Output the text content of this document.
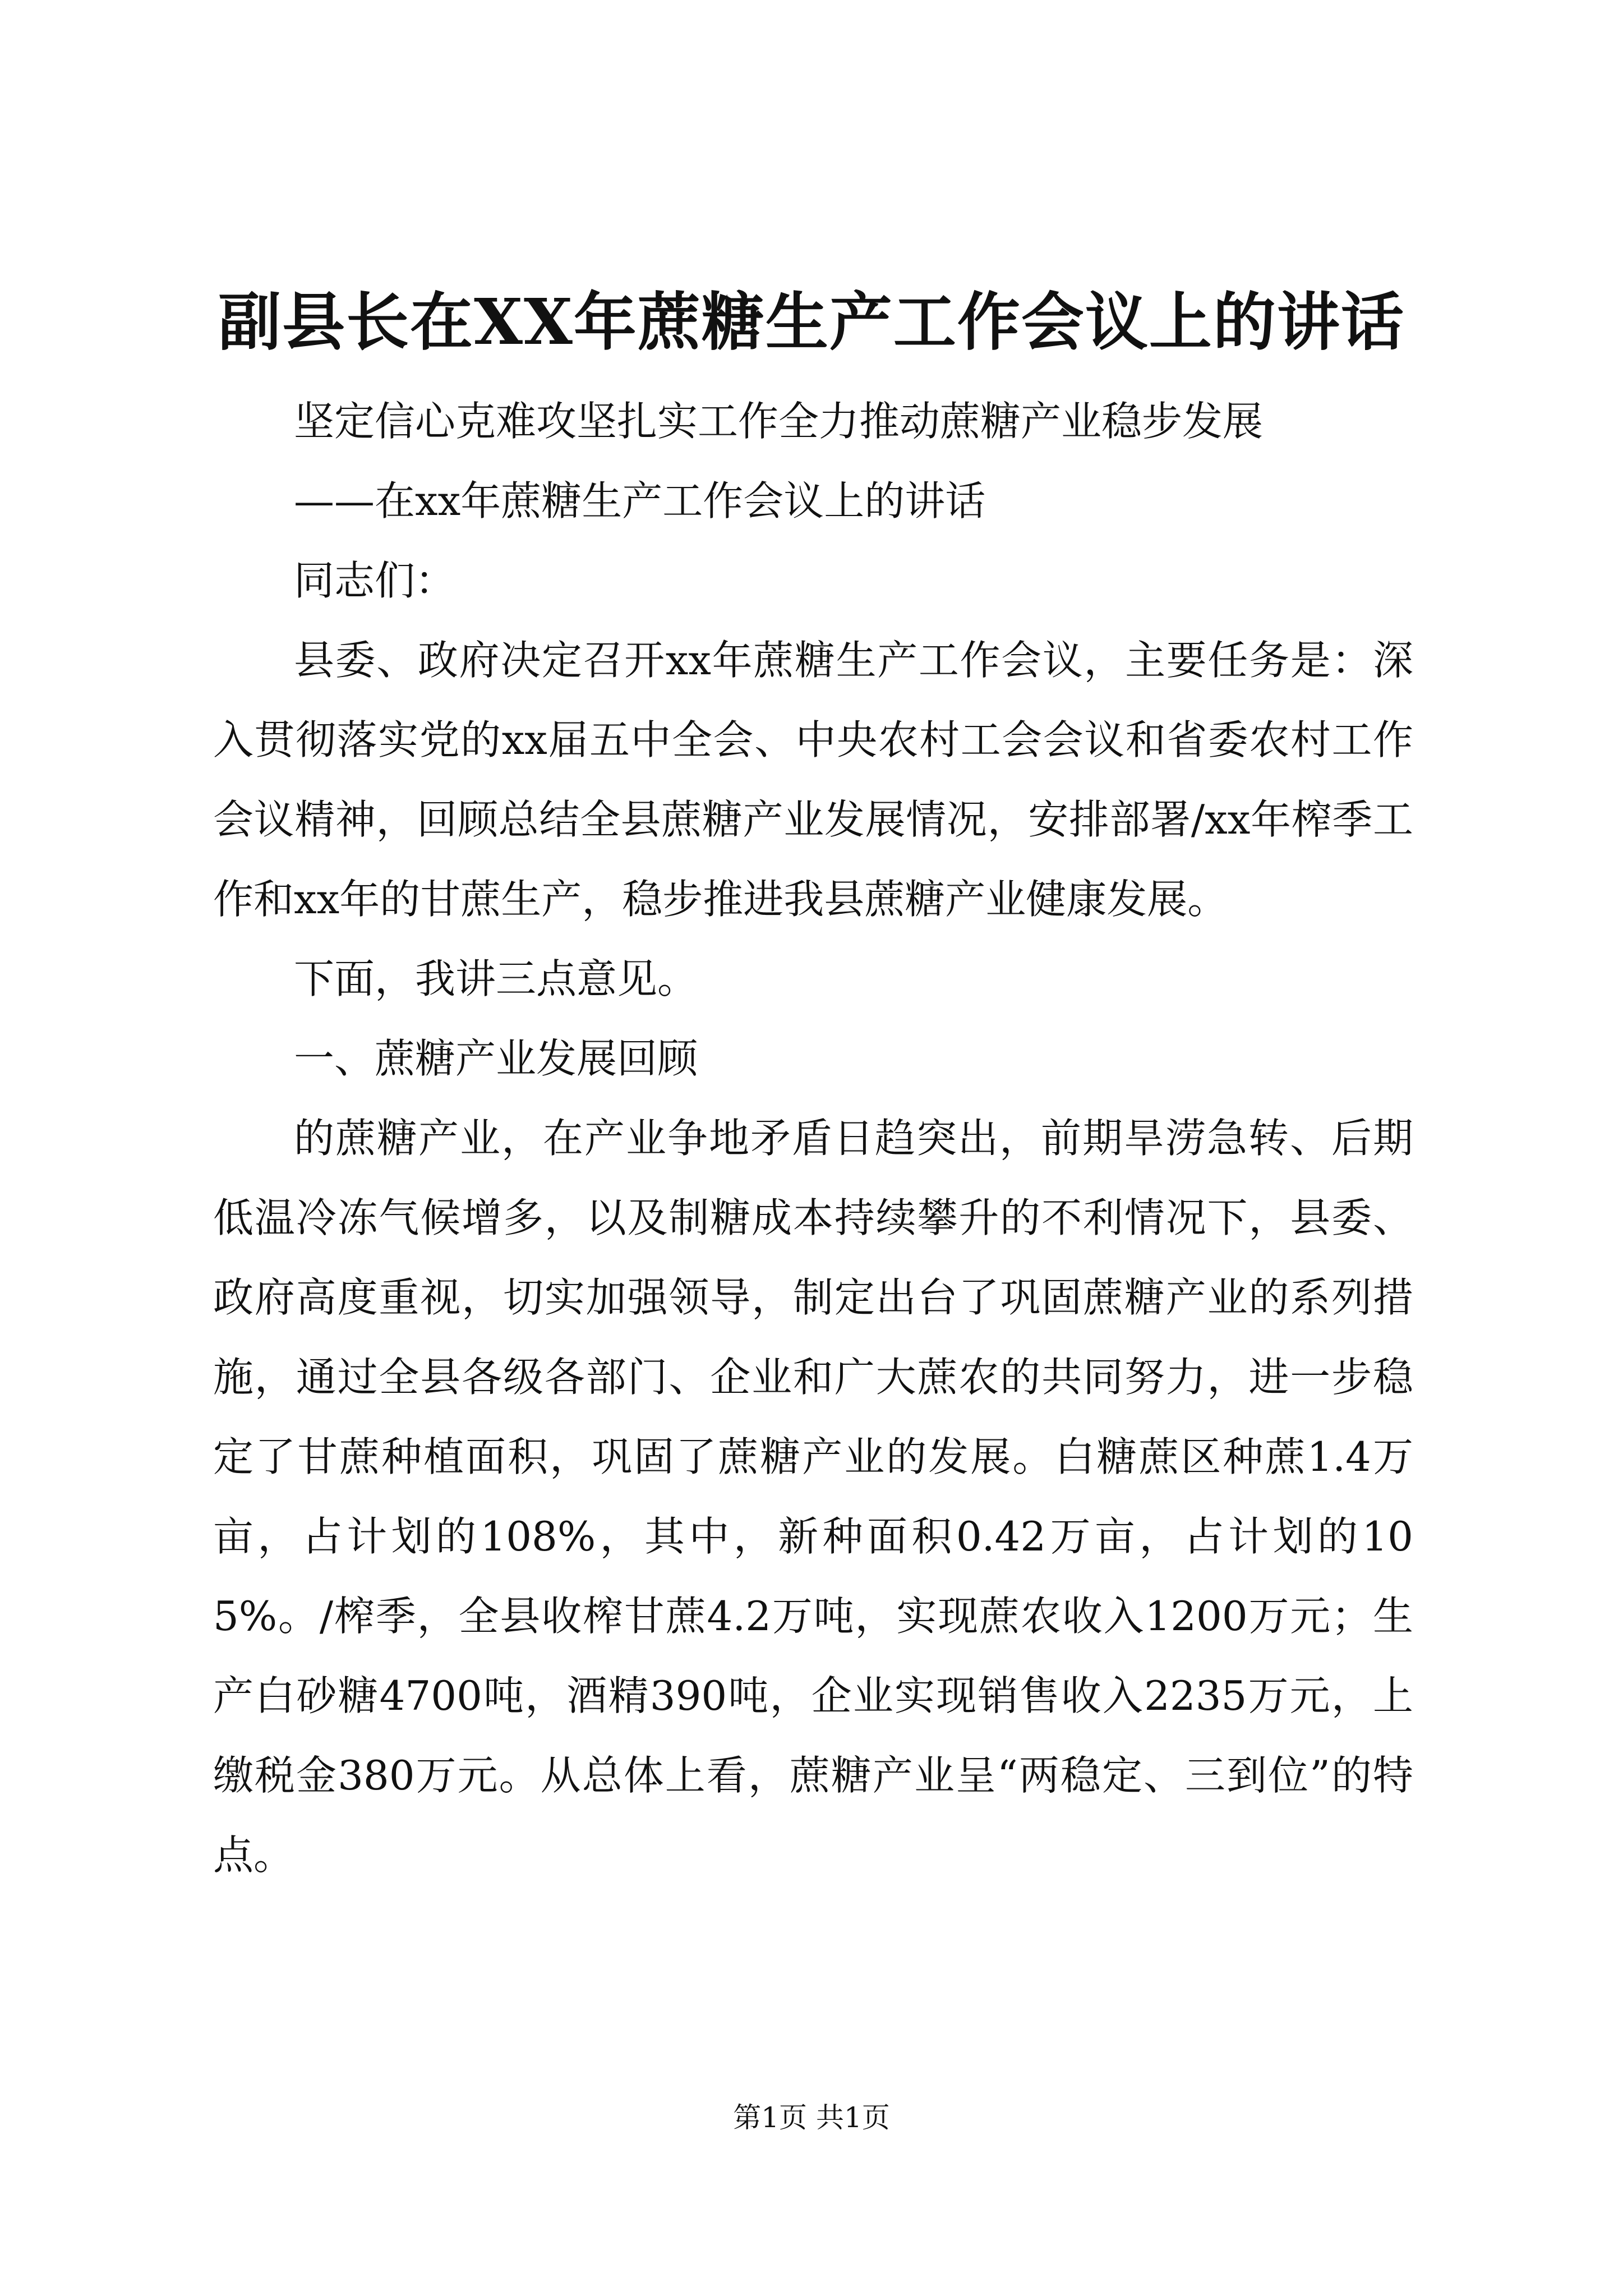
副县长在XX年蔗糖生产工作会议上的讲话

坚定信心克难攻坚扎实工作全力推动蔗糖产业稳步发展

——在xx年蔗糖生产工作会议上的讲话

同志们：

县委、政府决定召开xx年蔗糖生产工作会议，主要任务是：深入贯彻落实党的xx届五中全会、中央农村工会会议和省委农村工作会议精神，回顾总结全县蔗糖产业发展情况，安排部署/xx年榨季工作和xx年的甘蔗生产，稳步推进我县蔗糖产业健康发展。

下面，我讲三点意见。

一、蔗糖产业发展回顾

的蔗糖产业，在产业争地矛盾日趋突出，前期旱涝急转、后期低温冷冻气候增多，以及制糖成本持续攀升的不利情况下，县委、政府高度重视，切实加强领导，制定出台了巩固蔗糖产业的系列措施，通过全县各级各部门、企业和广大蔗农的共同努力，进一步稳定了甘蔗种植面积，巩固了蔗糖产业的发展。白糖蔗区种蔗1.4万亩，占计划的108%，其中，新种面积0.42万亩，占计划的105%。/榨季，全县收榨甘蔗4.2万吨，实现蔗农收入1200万元；生产白砂糖4700吨，酒精390吨，企业实现销售收入2235万元，上缴税金380万元。从总体上看，蔗糖产业呈“两稳定、三到位”的特点。

第1页 共1页
